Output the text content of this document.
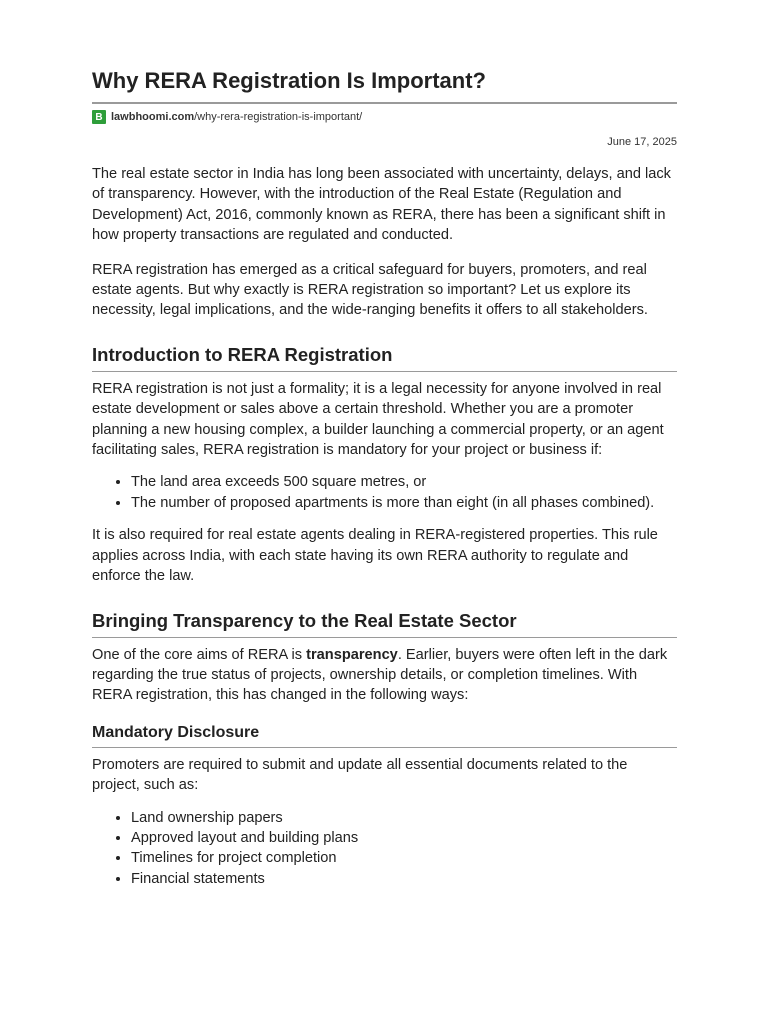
Why RERA Registration Is Important?
B lawbhoomi.com /why-rera-registration-is-important/
June 17, 2025

The real estate sector in India has long been associated with uncertainty, delays, and lack of transparency. However, with the introduction of the Real Estate (Regulation and Development) Act, 2016, commonly known as RERA, there has been a significant shift in how property transactions are regulated and conducted.

RERA registration has emerged as a critical safeguard for buyers, promoters, and real estate agents. But why exactly is RERA registration so important? Let us explore its necessity, legal implications, and the wide-ranging benefits it offers to all stakeholders.

Introduction to RERA Registration

RERA registration is not just a formality; it is a legal necessity for anyone involved in real estate development or sales above a certain threshold. Whether you are a promoter planning a new housing complex, a builder launching a commercial property, or an agent facilitating sales, RERA registration is mandatory for your project or business if:

• The land area exceeds 500 square metres, or
• The number of proposed apartments is more than eight (in all phases combined).

It is also required for real estate agents dealing in RERA-registered properties. This rule applies across India, with each state having its own RERA authority to regulate and enforce the law.

Bringing Transparency to the Real Estate Sector

One of the core aims of RERA is transparency. Earlier, buyers were often left in the dark regarding the true status of projects, ownership details, or completion timelines. With RERA registration, this has changed in the following ways:

Mandatory Disclosure

Promoters are required to submit and update all essential documents related to the project, such as:

• Land ownership papers
• Approved layout and building plans
• Timelines for project completion
• Financial statements
